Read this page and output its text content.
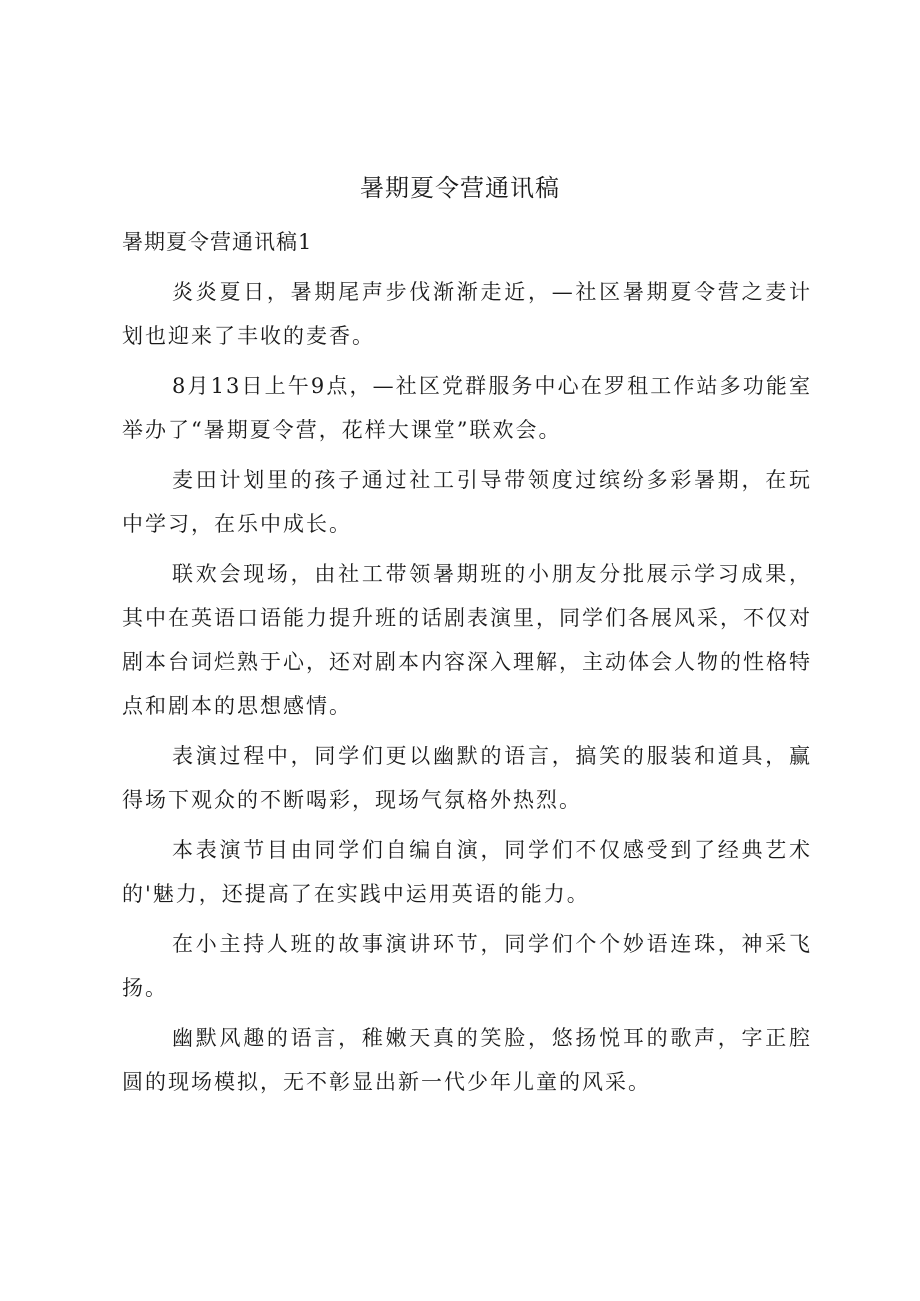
暑期夏令营通讯稿

暑期夏令营通讯稿1

炎炎夏日，暑期尾声步伐渐渐走近，—社区暑期夏令营之麦计划也迎来了丰收的麦香。

8月13日上午9点，—社区党群服务中心在罗租工作站多功能室举办了“暑期夏令营，花样大课堂”联欢会。

麦田计划里的孩子通过社工引导带领度过缤纷多彩暑期，在玩中学习，在乐中成长。

联欢会现场，由社工带领暑期班的小朋友分批展示学习成果，其中在英语口语能力提升班的话剧表演里，同学们各展风采，不仅对剧本台词烂熟于心，还对剧本内容深入理解，主动体会人物的性格特点和剧本的思想感情。

表演过程中，同学们更以幽默的语言，搞笑的服装和道具，赢得场下观众的不断喝彩，现场气氛格外热烈。

本表演节目由同学们自编自演，同学们不仅感受到了经典艺术的'魅力，还提高了在实践中运用英语的能力。

在小主持人班的故事演讲环节，同学们个个妙语连珠，神采飞扬。

幽默风趣的语言，稚嫩天真的笑脸，悠扬悦耳的歌声，字正腔圆的现场模拟，无不彰显出新一代少年儿童的风采。
